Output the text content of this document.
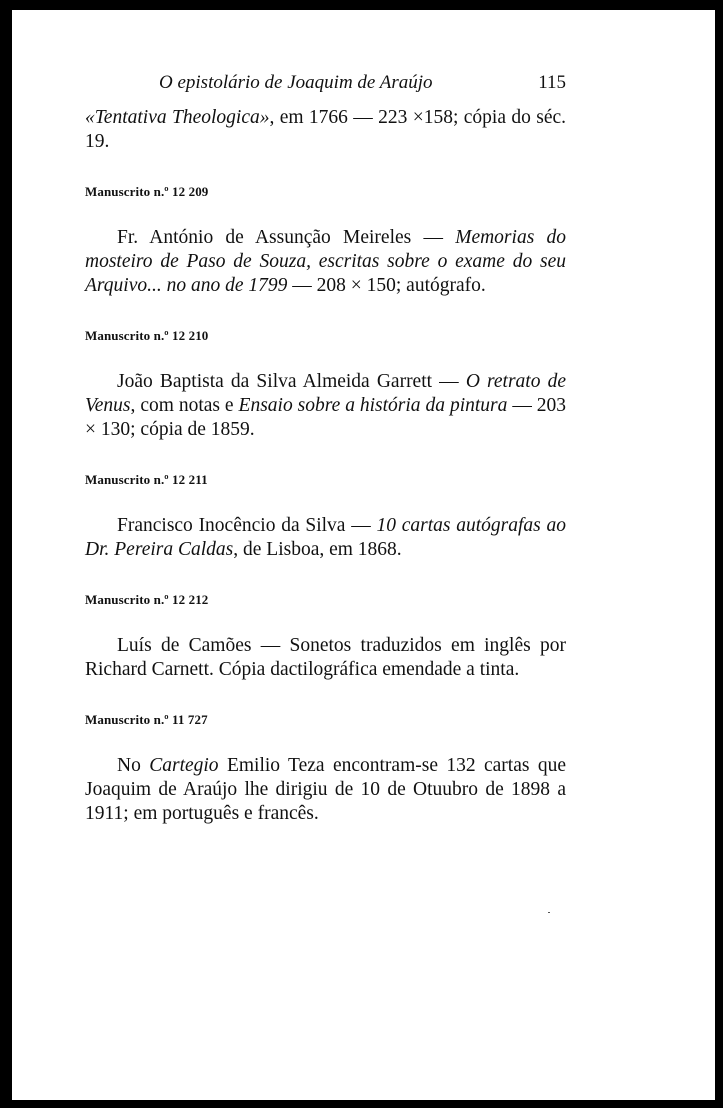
O epistolário de Joaquim de Araújo	115

«Tentativa Theologica», em 1766 — 223 ×158; cópia do séc. 19.

Manuscrito n.º 12 209

Fr. António de Assunção Meireles — Memorias do mosteiro de Paso de Souza, escritas sobre o exame do seu Arquivo... no ano de 1799 — 208 × 150; autógrafo.

Manuscrito n.º 12 210

João Baptista da Silva Almeida Garrett — O retrato de Venus, com notas e Ensaio sobre a história da pintura — 203 × 130; cópia de 1859.

Manuscrito n.º 12 211

Francisco Inocêncio da Silva — 10 cartas autógrafas ao Dr. Pereira Caldas, de Lisboa, em 1868.

Manuscrito n.º 12 212

Luís de Camões — Sonetos traduzidos em inglês por Richard Carnett. Cópia dactilográfica emendade a tinta.

Manuscrito n.º 11 727

No Cartegio Emilio Teza encontram-se 132 cartas que Joaquim de Araújo lhe dirigiu de 10 de Otuubro de 1898 a 1911; em português e francês.
